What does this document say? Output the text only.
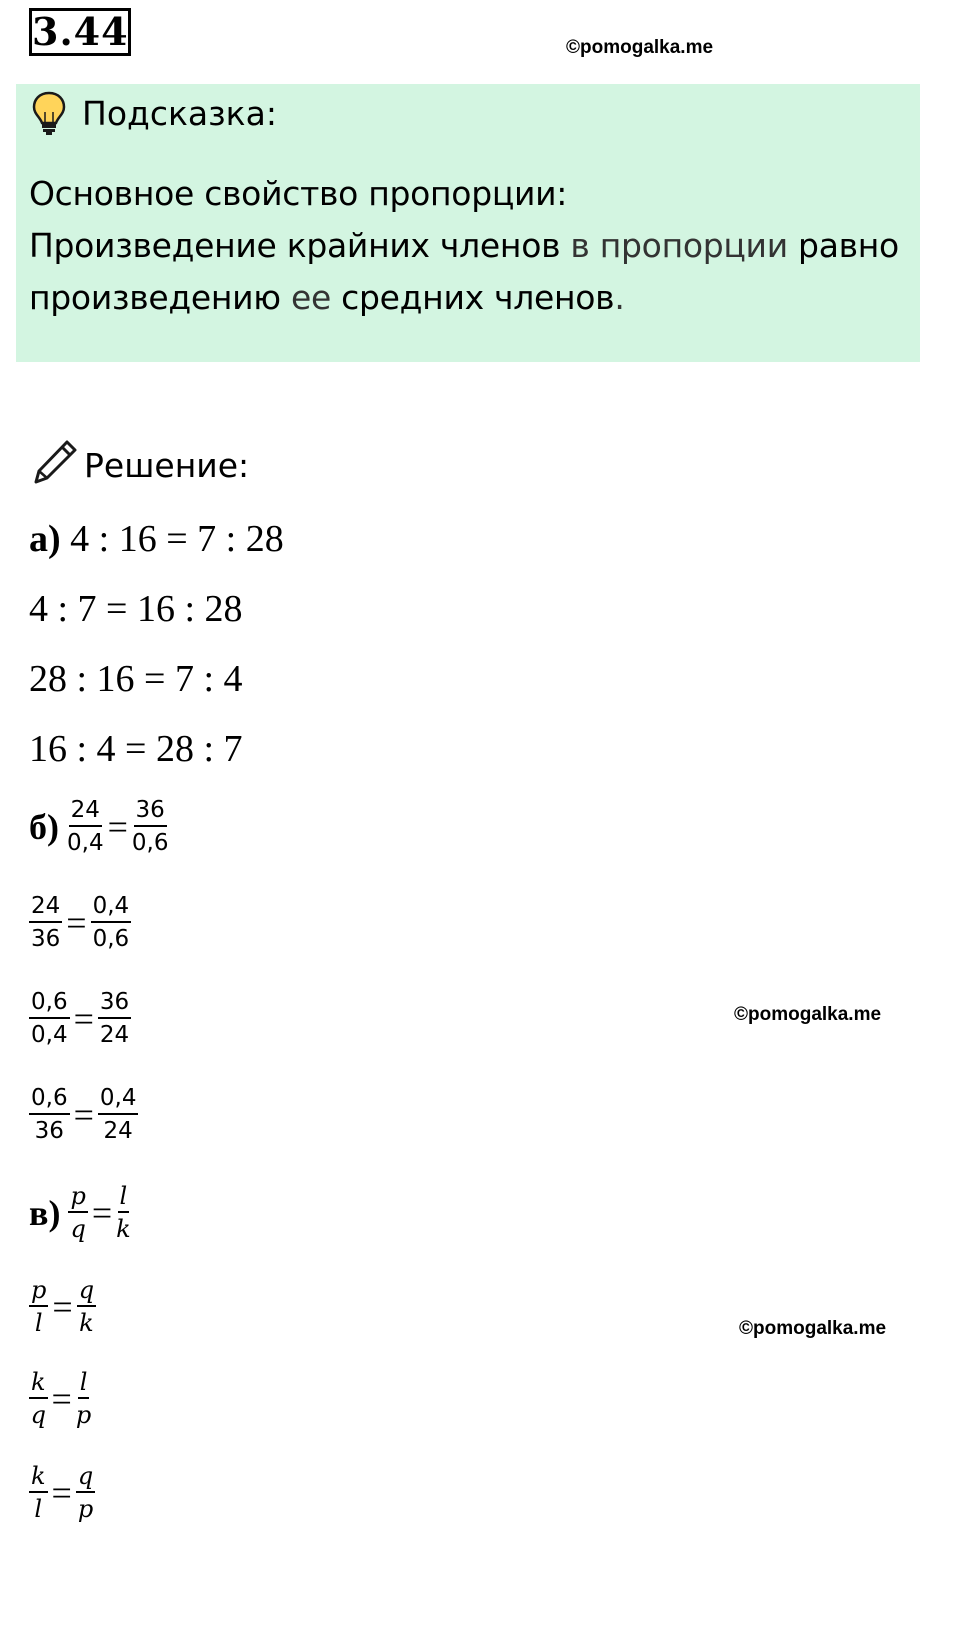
3.44	©pomogalka.me
Подсказка:
Основное свойство пропорции:
Произведение крайних членов в пропорции равно
произведению ее средних членов.
Решение:
а) 4 : 16 = 7 : 28
4 : 7 = 16 : 28
28 : 16 = 7 : 4
16 : 4 = 28 : 7
$б) \frac{24}{0,4} = \frac{36}{0,6}$
$\frac{24}{36} = \frac{0,4}{0,6}$
$\frac{0,6}{0,4} = \frac{36}{24}$	©pomogalka.me
$\frac{0,6}{36} = \frac{0,4}{24}$
$в) \frac{p}{q} = \frac{l}{k}$
$\frac{p}{l} = \frac{q}{k}$	©pomogalka.me
$\frac{k}{q} = \frac{l}{p}$
$\frac{k}{l} = \frac{q}{p}$
